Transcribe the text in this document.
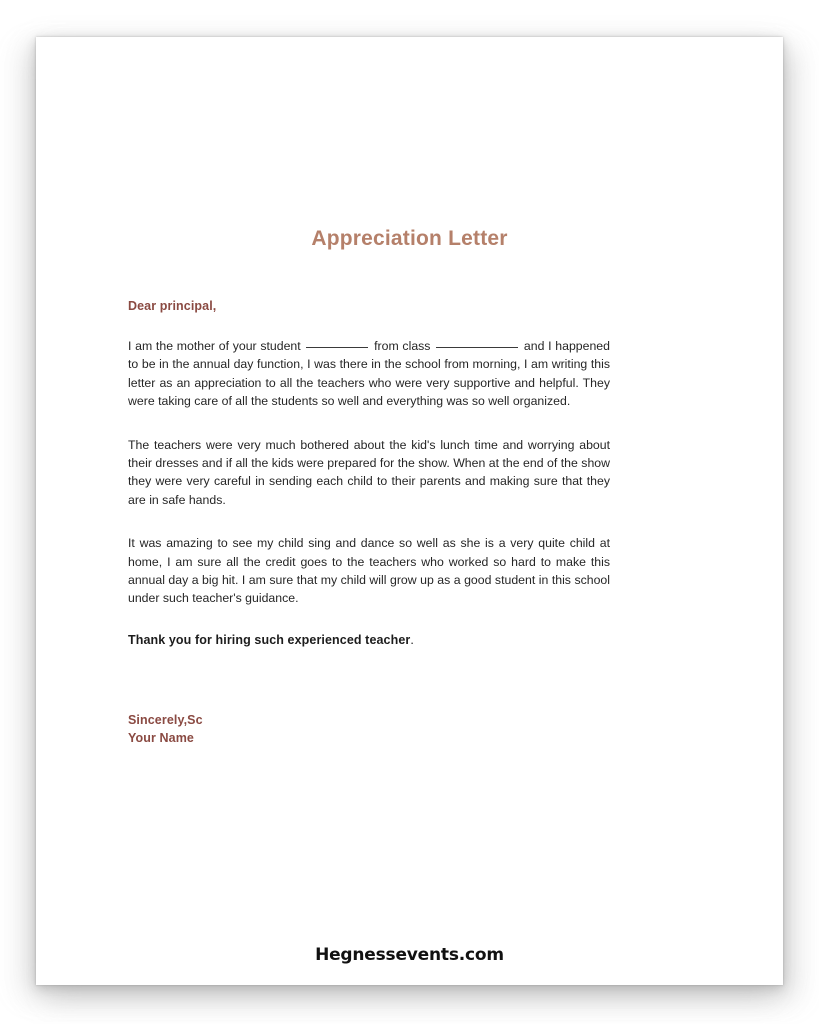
Appreciation Letter
Dear principal,

I am the mother of your student	from class	and I happened to be in the annual day function, I was there in the school from morning, I am writing this letter as an appreciation to all the teachers who were very supportive and helpful. They were taking care of all the students so well and everything was so well organized.

The teachers were very much bothered about the kid's lunch time and worrying about their dresses and if all the kids were prepared for the show. When at the end of the show they were very careful in sending each child to their parents and making sure that they are in safe hands.

It was amazing to see my child sing and dance so well as she is a very quite child at home, I am sure all the credit goes to the teachers who worked so hard to make this annual day a big hit. I am sure that my child will grow up as a good student in this school under such teacher's guidance.

Thank you for hiring such experienced teacher.

Sincerely,Sc
Your Name
Hegnessevents.com
